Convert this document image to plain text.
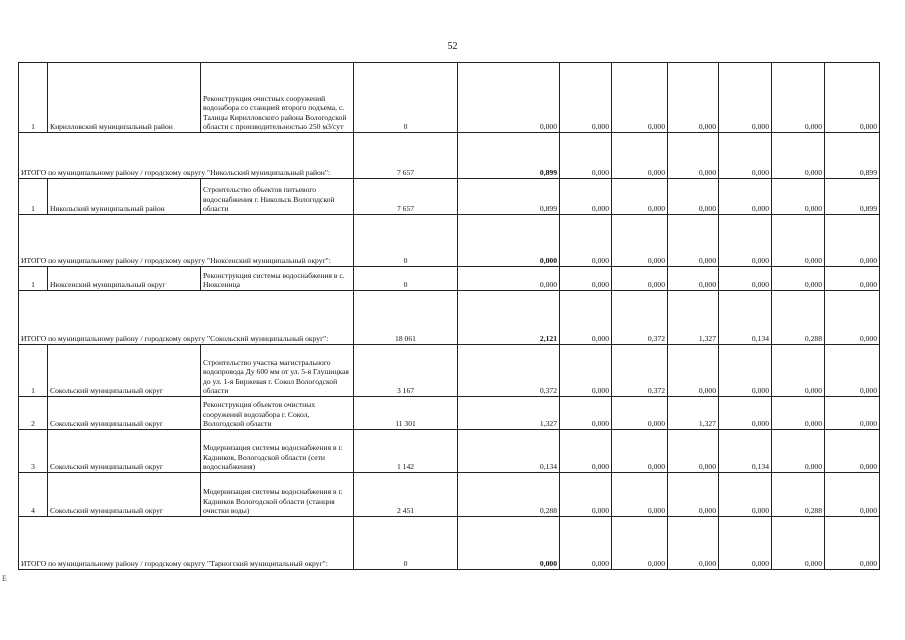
52
1	Кирилловский муниципальный район	Реконструкция очистных сооружений водозабора со станцией второго подъема, с. Талицы Кирилловского района Вологодской области с производительностью 250 м3/сут	0	0,000	0,000	0,000	0,000	0,000	0,000	0,000
ИТОГО по муниципальному району / городскому округу "Никольский муниципальный район":			7 657	0,899	0,000	0,000	0,000	0,000	0,000	0,899
1	Никольский муниципальный район	Строительство объектов питьевого водоснабжения г. Никольск Вологодской области	7 657	0,899	0,000	0,000	0,000	0,000	0,000	0,899
ИТОГО по муниципальному району / городскому округу "Нюксенский муниципальный округ":			0	0,000	0,000	0,000	0,000	0,000	0,000	0,000
1	Нюксенский муниципальный округ	Реконструкция системы водоснабжения в с. Нюксеница	0	0,000	0,000	0,000	0,000	0,000	0,000	0,000
ИТОГО по муниципальному району / городскому округу "Сокольский муниципальный округ":			18 061	2,121	0,000	0,372	1,327	0,134	0,288	0,000
1	Сокольский муниципальный округ	Строительство участка магистрального водопровода Ду 600 мм от ул. 5-я Глушицкая до ул. 1-я Биржевая г. Сокол Вологодской области	3 167	0,372	0,000	0,372	0,000	0,000	0,000	0,000
2	Сокольский муниципальный округ	Реконструкция объектов очистных сооружений водозабора г. Сокол, Вологодской области	11 301	1,327	0,000	0,000	1,327	0,000	0,000	0,000
3	Сокольский муниципальный округ	Модернизация системы водоснабжения в г. Кадников, Вологодской области (сети водоснабжения)	1 142	0,134	0,000	0,000	0,000	0,134	0,000	0,000
4	Сокольский муниципальный округ	Модернизация системы водоснабжения в г. Кадников Вологодской области (станция очистки воды)	2 451	0,288	0,000	0,000	0,000	0,000	0,288	0,000
ИТОГО по муниципальному району / городскому округу "Тарногский муниципальный округ":			0	0,000	0,000	0,000	0,000	0,000	0,000	0,000
E
